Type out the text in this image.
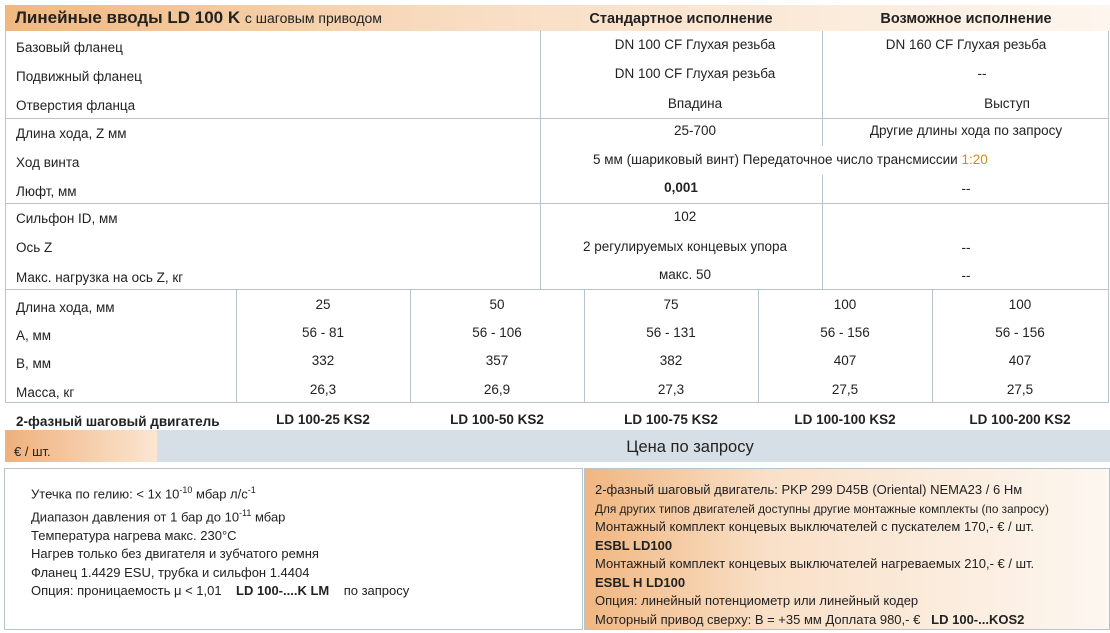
Линейные вводы LD 100 K с шаговым приводом	Стандартное исполнение	Возможное исполнение
Базовый фланец	DN 100 CF Глухая резьба	DN 160 CF Глухая резьба
Подвижный фланец	DN 100 CF Глухая резьба	--
Отверстия фланца	Впадина	Выступ
Длина хода, Z мм	25-700	Другие длины хода по запросу
Ход винта	5 мм (шариковый винт) Передаточное число трансмиссии 1:20
Люфт, мм	0,001	--
Сильфон ID, мм	102
Ось Z	2 регулируемых концевых упора	--
Макс. нагрузка на ось Z, кг	макс. 50	--
Длина хода, мм	25	50	75	100	100
A, мм	56 - 81	56 - 106	56 - 131	56 - 156	56 - 156
B, мм	332	357	382	407	407
Масса, кг	26,3	26,9	27,3	27,5	27,5
2-фазный шаговый двигатель	LD 100-25 KS2	LD 100-50 KS2	LD 100-75 KS2	LD 100-100 KS2	LD 100-200 KS2
€ / шт.	Цена по запросу
Утечка по гелию: < 1x $10^{-10}$ мбар $л/с^{-1}$
Диапазон давления от 1 бар до $10^{-11}$ мбар
Температура нагрева макс. 230°C
Нагрев только без двигателя и зубчатого ремня
Фланец 1.4429 ESU, трубка и сильфон 1.4404
Опция: проницаемость μ < 1,01 LD 100-....K LM по запросу
2-фазный шаговый двигатель: PKP 299 D45B (Oriental) NEMA23 / 6 Нм
Для других типов двигателей доступны другие монтажные комплекты (по запросу)
Монтажный комплект концевых выключателей с пускателем 170,- € / шт.
ESBL LD100
Монтажный комплект концевых выключателей нагреваемых 210,- € / шт.
ESBL H LD100
Опция: линейный потенциометр или линейный кодер
Моторный привод сверху: B = +35 мм Доплата 980,- € LD 100-...KOS2
